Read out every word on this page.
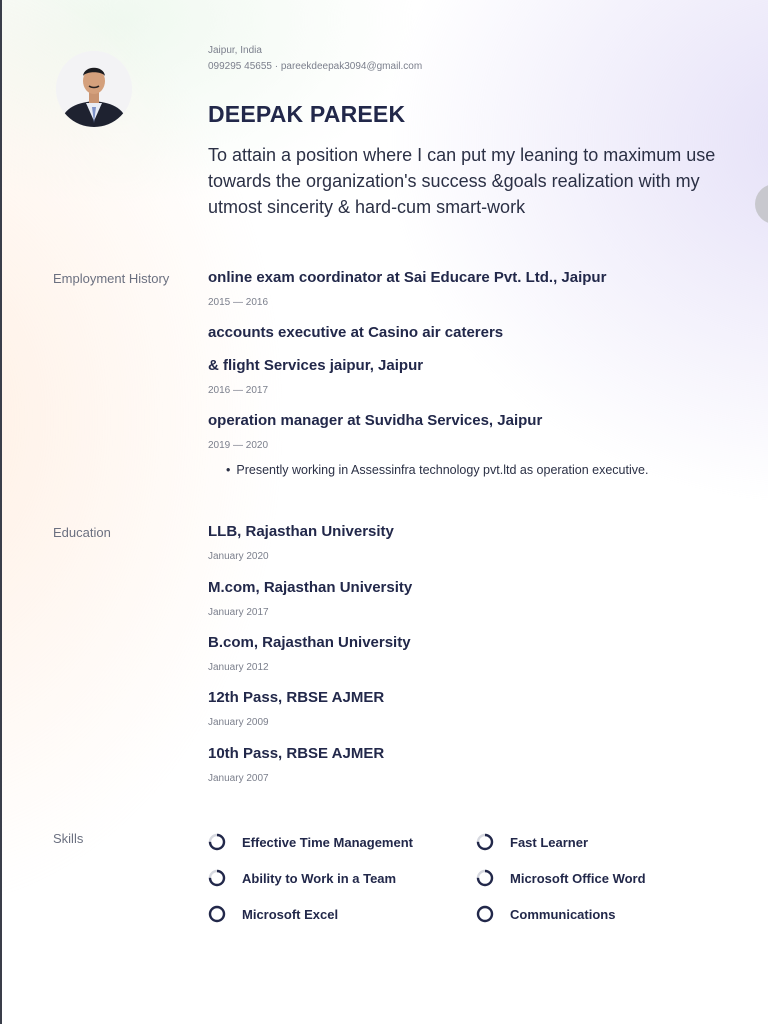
Jaipur, India
099295 45655 · pareekdeepak3094@gmail.com
DEEPAK PAREEK
To attain a position where I can put my leaning to maximum use towards the organization's success &goals realization with my utmost sincerity & hard-cum smart-work
Employment History	online exam coordinator at Sai Educare Pvt. Ltd., Jaipur
2015 — 2016
accounts executive at Casino air caterers
& flight Services jaipur, Jaipur
2016 — 2017
operation manager at Suvidha Services, Jaipur
2019 — 2020
• Presently working in Assessinfra technology pvt.ltd as operation executive.
Education	LLB, Rajasthan University
January 2020
M.com, Rajasthan University
January 2017
B.com, Rajasthan University
January 2012
12th Pass, RBSE AJMER
January 2009
10th Pass, RBSE AJMER
January 2007
Skills	Effective Time Management	Fast Learner
Ability to Work in a Team	Microsoft Office Word
Microsoft Excel	Communications
